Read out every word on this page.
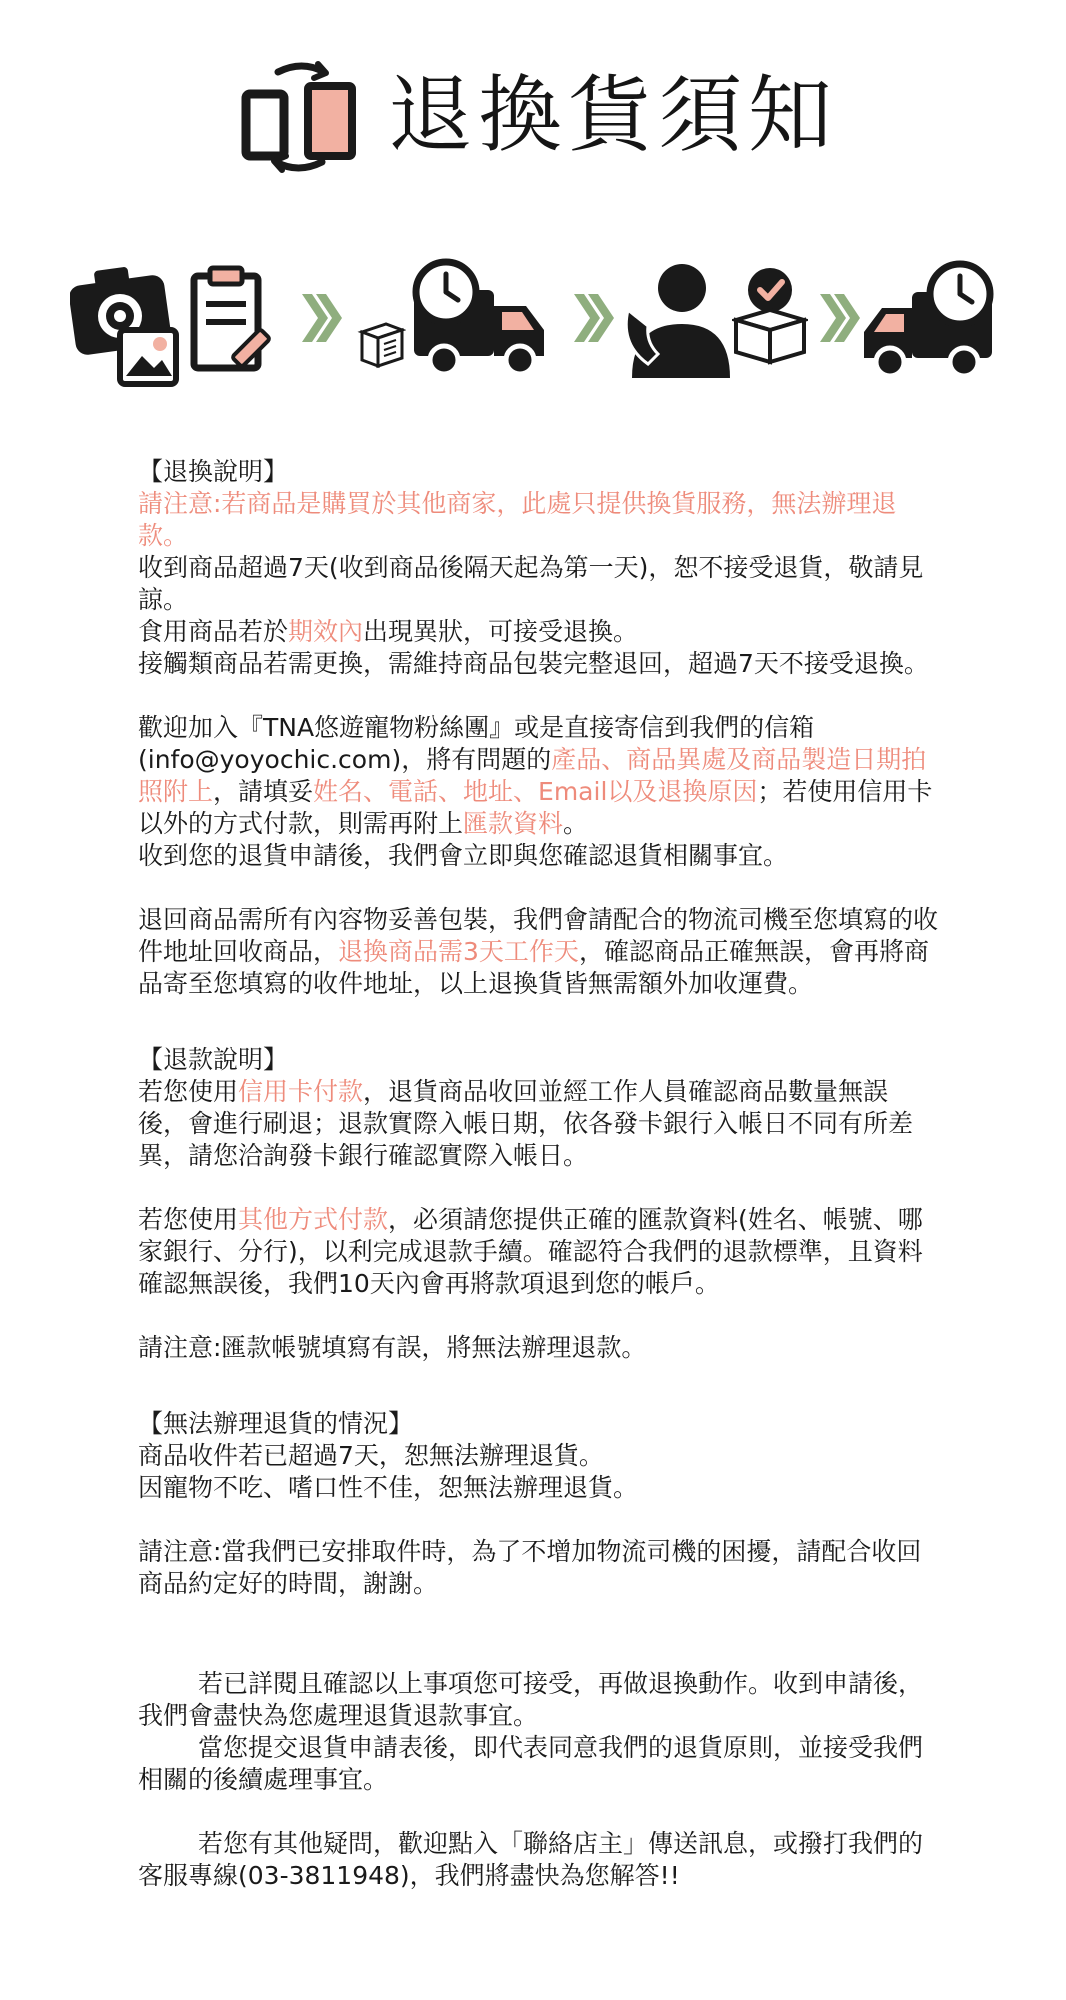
退換貨須知

【退換說明】

請注意:若商品是購買於其他商家，此處只提供換貨服務，無法辦理退款。

收到商品超過7天(收到商品後隔天起為第一天)，恕不接受退貨，敬請見諒。

食用商品若於期效內出現異狀，可接受退換。

接觸類商品若需更換，需維持商品包裝完整退回，超過7天不接受退換。

歡迎加入『TNA悠遊寵物粉絲團』或是直接寄信到我們的信箱(info@yoyochic.com)，將有問題的產品、商品異處及商品製造日期拍照附上，請填妥姓名、電話、地址、Email以及退換原因；若使用信用卡以外的方式付款，則需再附上匯款資料。

收到您的退貨申請後，我們會立即與您確認退貨相關事宜。

退回商品需所有內容物妥善包裝，我們會請配合的物流司機至您填寫的收件地址回收商品，退換商品需3天工作天，確認商品正確無誤，會再將商品寄至您填寫的收件地址，以上退換貨皆無需額外加收運費。

【退款說明】

若您使用信用卡付款，退貨商品收回並經工作人員確認商品數量無誤後，會進行刷退；退款實際入帳日期，依各發卡銀行入帳日不同有所差異，請您洽詢發卡銀行確認實際入帳日。

若您使用其他方式付款，必須請您提供正確的匯款資料(姓名、帳號、哪家銀行、分行)，以利完成退款手續。確認符合我們的退款標準，且資料確認無誤後，我們10天內會再將款項退到您的帳戶。

請注意:匯款帳號填寫有誤，將無法辦理退款。

【無法辦理退貨的情況】

商品收件若已超過7天，恕無法辦理退貨。

因寵物不吃、嗜口性不佳，恕無法辦理退貨。

請注意:當我們已安排取件時，為了不增加物流司機的困擾，請配合收回商品約定好的時間，謝謝。

若已詳閱且確認以上事項您可接受，再做退換動作。收到申請後，我們會盡快為您處理退貨退款事宜。

當您提交退貨申請表後，即代表同意我們的退貨原則，並接受我們相關的後續處理事宜。

若您有其他疑問，歡迎點入「聯絡店主」傳送訊息，或撥打我們的客服專線(03-3811948)，我們將盡快為您解答!!
